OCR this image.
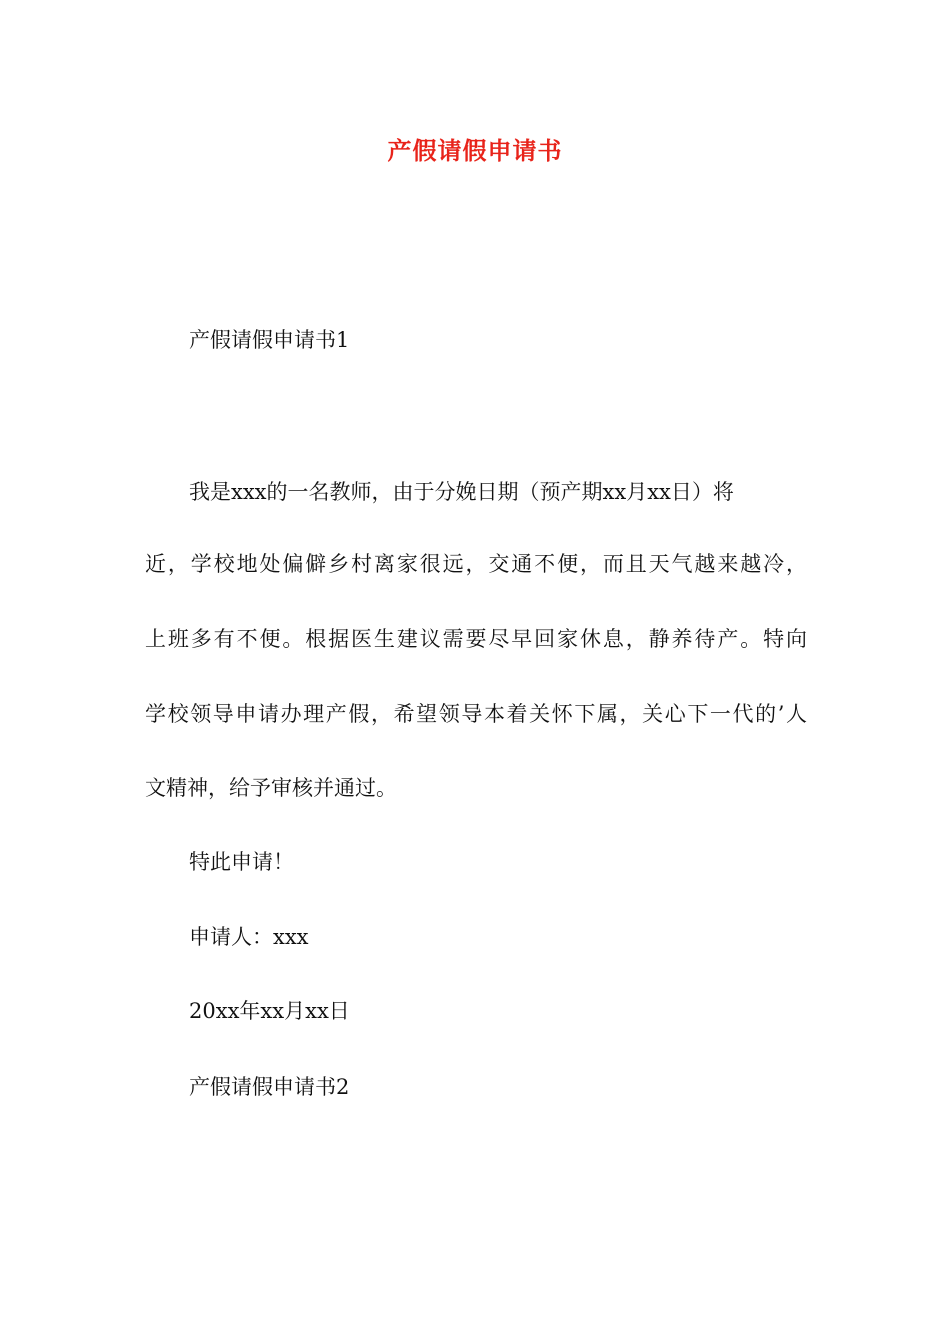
产假请假申请书
产假请假申请书1
我是xxx的一名教师，由于分娩日期（预产期xx月xx日）将
近，学校地处偏僻乡村离家很远，交通不便，而且天气越来越冷，
上班多有不便。根据医生建议需要尽早回家休息，静养待产。特向
学校领导申请办理产假，希望领导本着关怀下属，关心下一代的’人
文精神，给予审核并通过。
特此申请！
申请人：xxx
20xx年xx月xx日
产假请假申请书2
